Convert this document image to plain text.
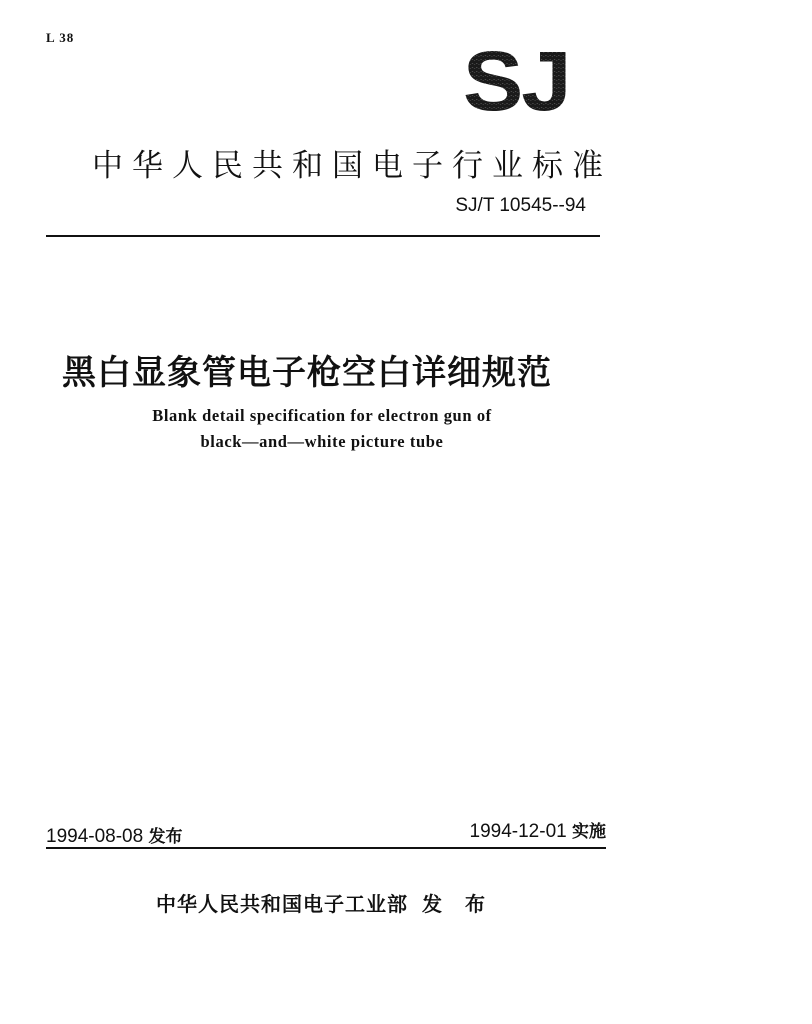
L 38	SJ
中华人民共和国电子行业标准
SJ/T 10545--94
黑白显象管电子枪空白详细规范
Blank detail specification for electron gun of
black—and—white picture tube
1994-08-08 发布	1994-12-01 实施
中华人民共和国电子工业部 发 布
